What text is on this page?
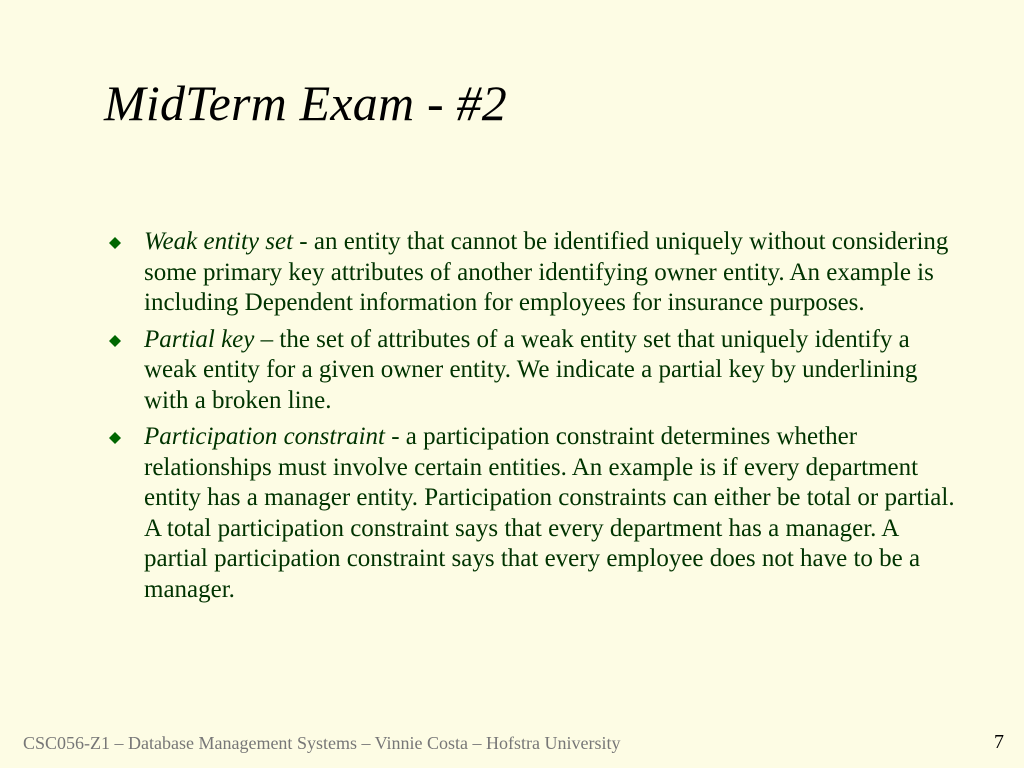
MidTerm Exam - #2
Weak entity set - an entity that cannot be identified uniquely without considering some primary key attributes of another identifying owner entity. An example is including Dependent information for employees for insurance purposes.
Partial key – the set of attributes of a weak entity set that uniquely identify a weak entity for a given owner entity. We indicate a partial key by underlining with a broken line.
Participation constraint - a participation constraint determines whether relationships must involve certain entities. An example is if every department entity has a manager entity. Participation constraints can either be total or partial. A total participation constraint says that every department has a manager. A partial participation constraint says that every employee does not have to be a manager.
CSC056-Z1 – Database Management Systems – Vinnie Costa – Hofstra University	7
